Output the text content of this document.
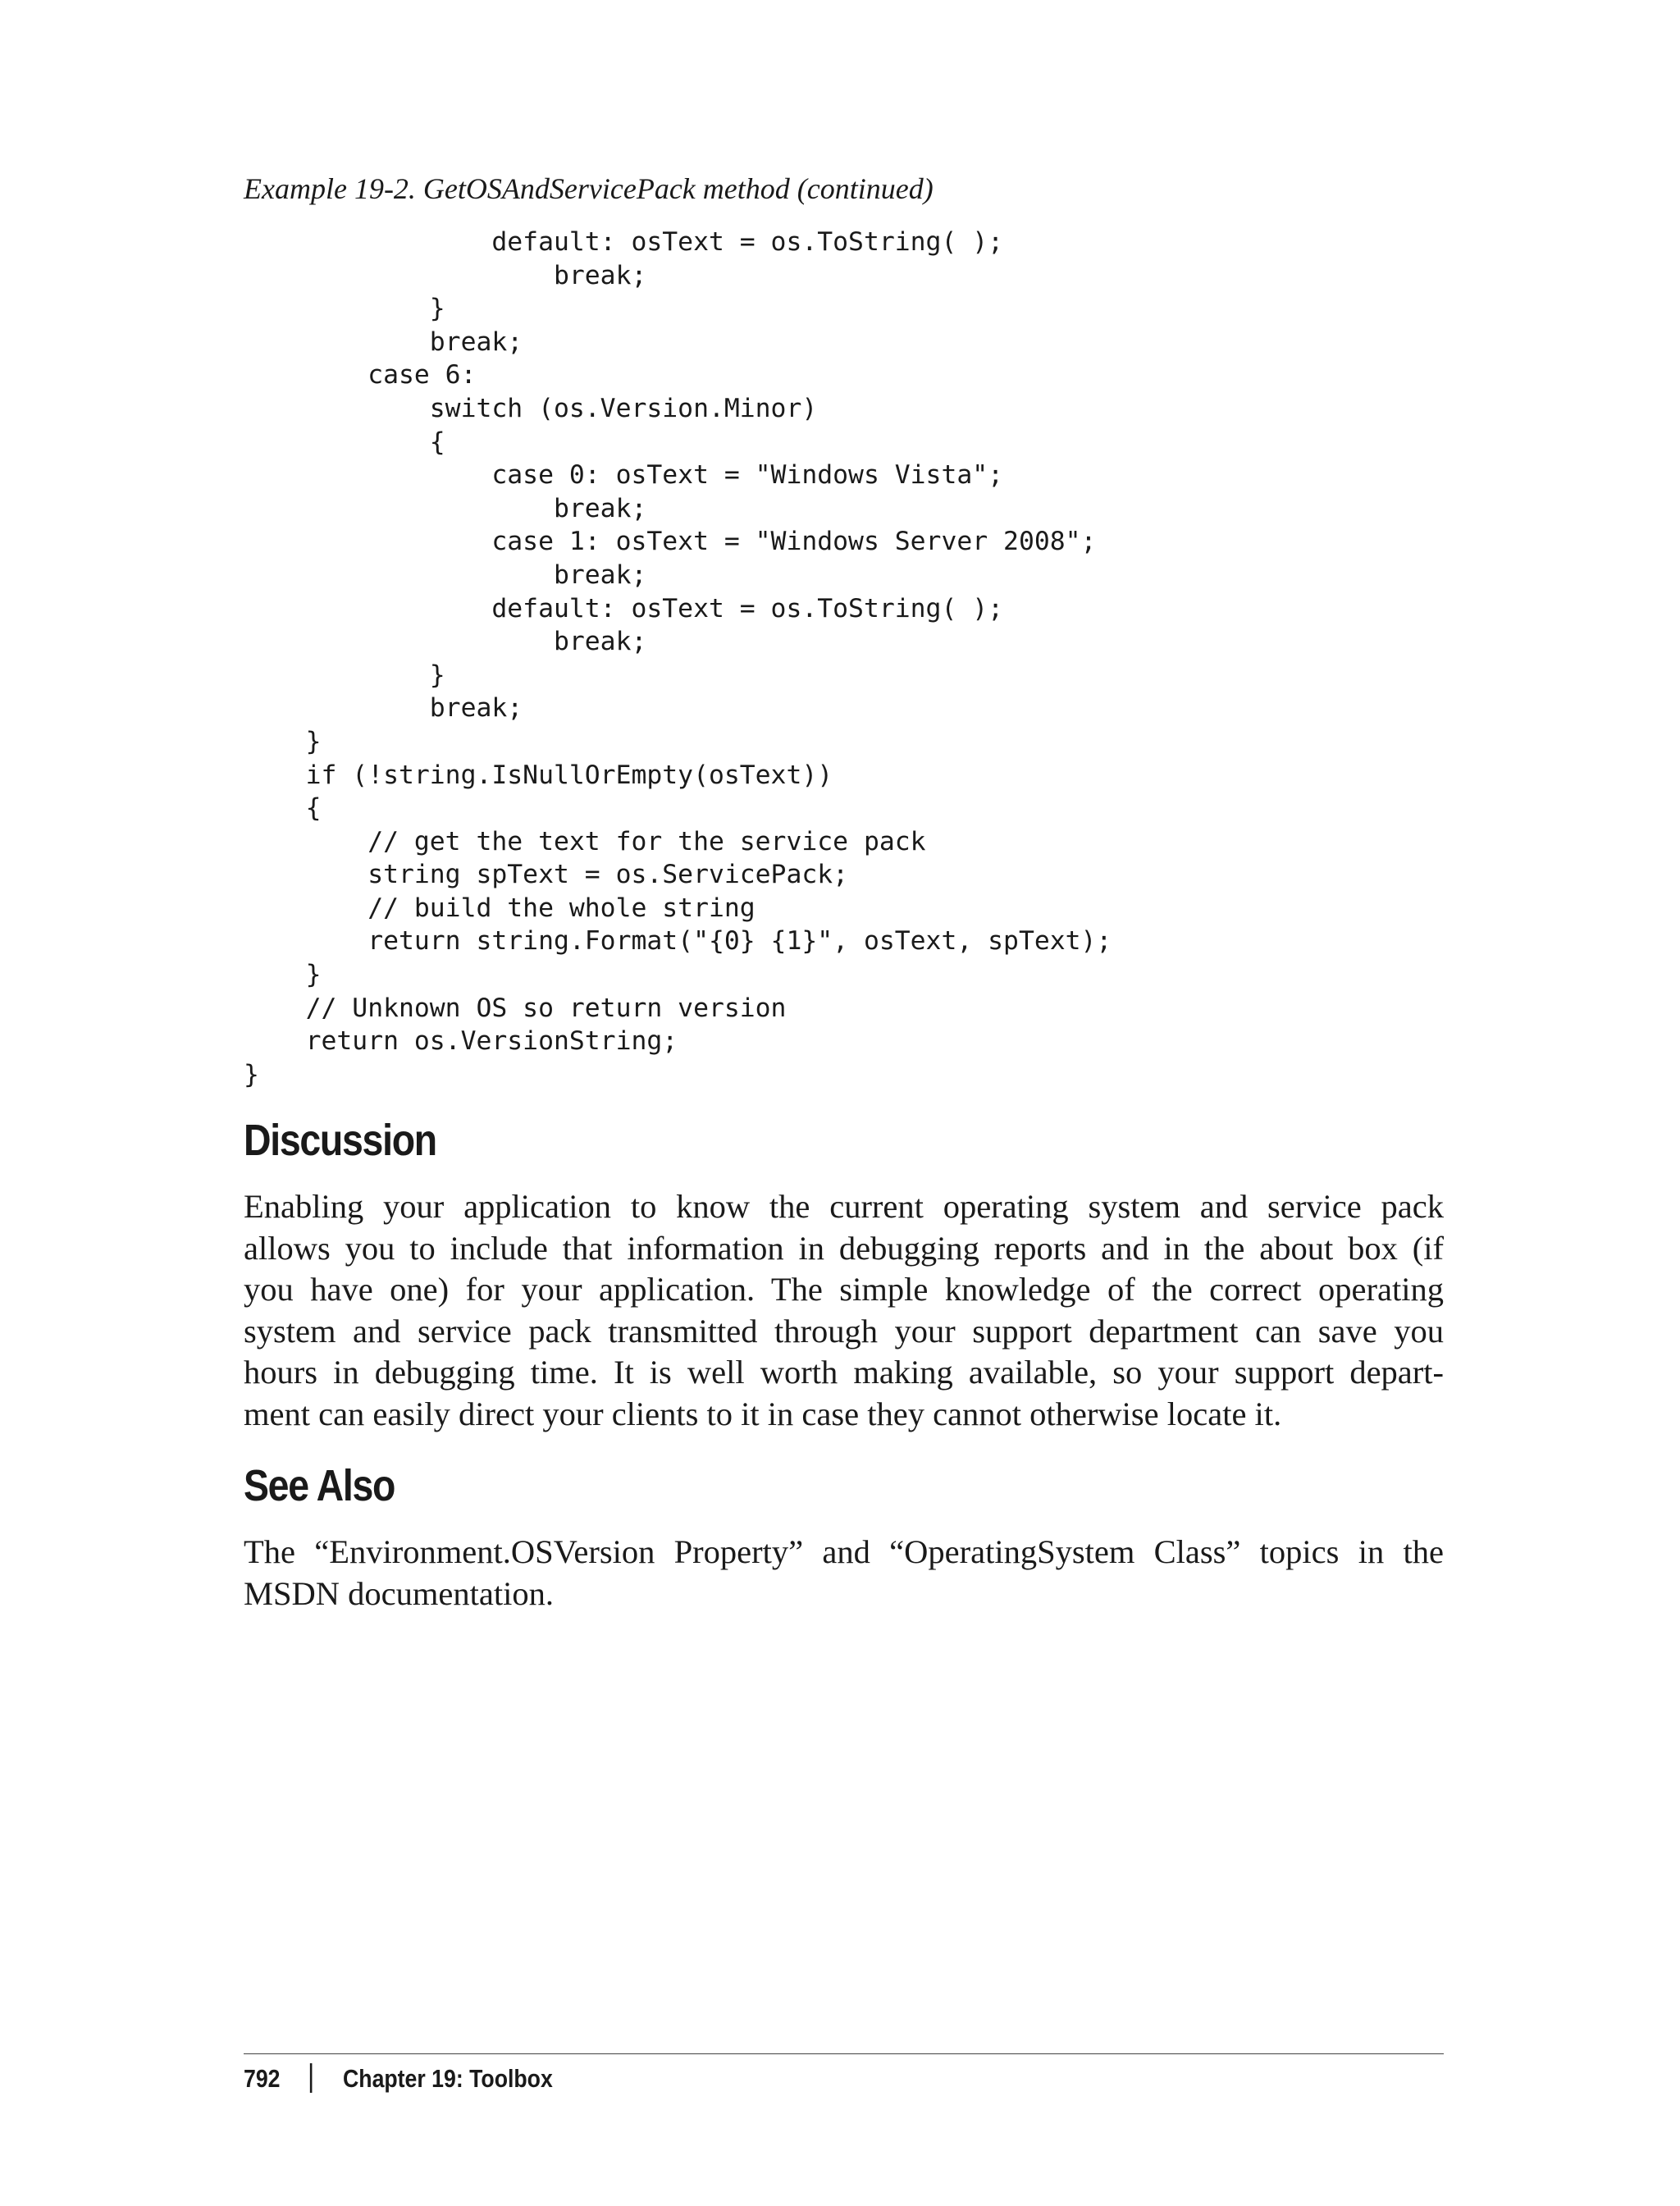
Example 19-2. GetOSAndServicePack method (continued)
default: osText = os.ToString( );
break;
}
break;
case 6:
switch (os.Version.Minor)
{
case 0: osText = "Windows Vista";
break;
case 1: osText = "Windows Server 2008";
break;
default: osText = os.ToString( );
break;
}
break;
}
if (!string.IsNullOrEmpty(osText))
{
// get the text for the service pack
string spText = os.ServicePack;
// build the whole string
return string.Format("{0} {1}", osText, spText);
}
// Unknown OS so return version
return os.VersionString;
}
Discussion
Enabling your application to know the current operating system and service pack
allows you to include that information in debugging reports and in the about box (if
you have one) for your application. The simple knowledge of the correct operating
system and service pack transmitted through your support department can save you
hours in debugging time. It is well worth making available, so your support depart-
ment can easily direct your clients to it in case they cannot otherwise locate it.
See Also
The “Environment.OSVersion Property” and “OperatingSystem Class” topics in the
MSDN documentation.
792 Chapter 19: Toolbox
